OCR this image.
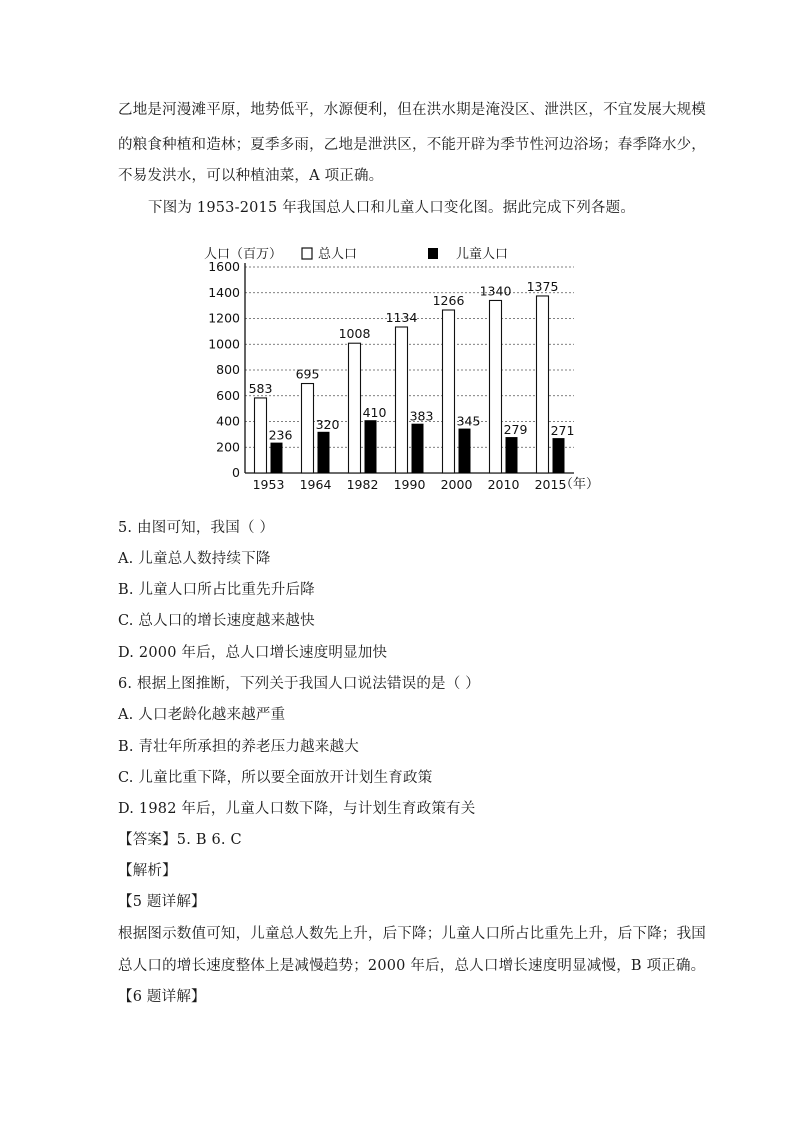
乙地是河漫滩平原，地势低平，水源便利，但在洪水期是淹没区、泄洪区，不宜发展大规模
的粮食种植和造林；夏季多雨，乙地是泄洪区，不能开辟为季节性河边浴场；春季降水少，
不易发洪水，可以种植油菜，A 项正确。
下图为 1953-2015 年我国总人口和儿童人口变化图。据此完成下列各题。
0
200
400
600
800
1000
1200
1400
1600
583
236
1953
695
320
1964
1008
410
1982
1134
383
1990
1266
345
2000
1340
279
2010
1375
271
2015
人口（百万）	总人口	儿童人口
（年）
5. 由图可知，我国（ ）
A. 儿童总人数持续下降
B. 儿童人口所占比重先升后降
C. 总人口的增长速度越来越快
D. 2000 年后，总人口增长速度明显加快
6. 根据上图推断，下列关于我国人口说法错误的是（ ）
A. 人口老龄化越来越严重
B. 青壮年所承担的养老压力越来越大
C. 儿童比重下降，所以要全面放开计划生育政策
D. 1982 年后，儿童人口数下降，与计划生育政策有关
【答案】5. B 6. C
【解析】
【5 题详解】
根据图示数值可知，儿童总人数先上升，后下降；儿童人口所占比重先上升，后下降；我国
总人口的增长速度整体上是减慢趋势；2000 年后，总人口增长速度明显减慢，B 项正确。
【6 题详解】
